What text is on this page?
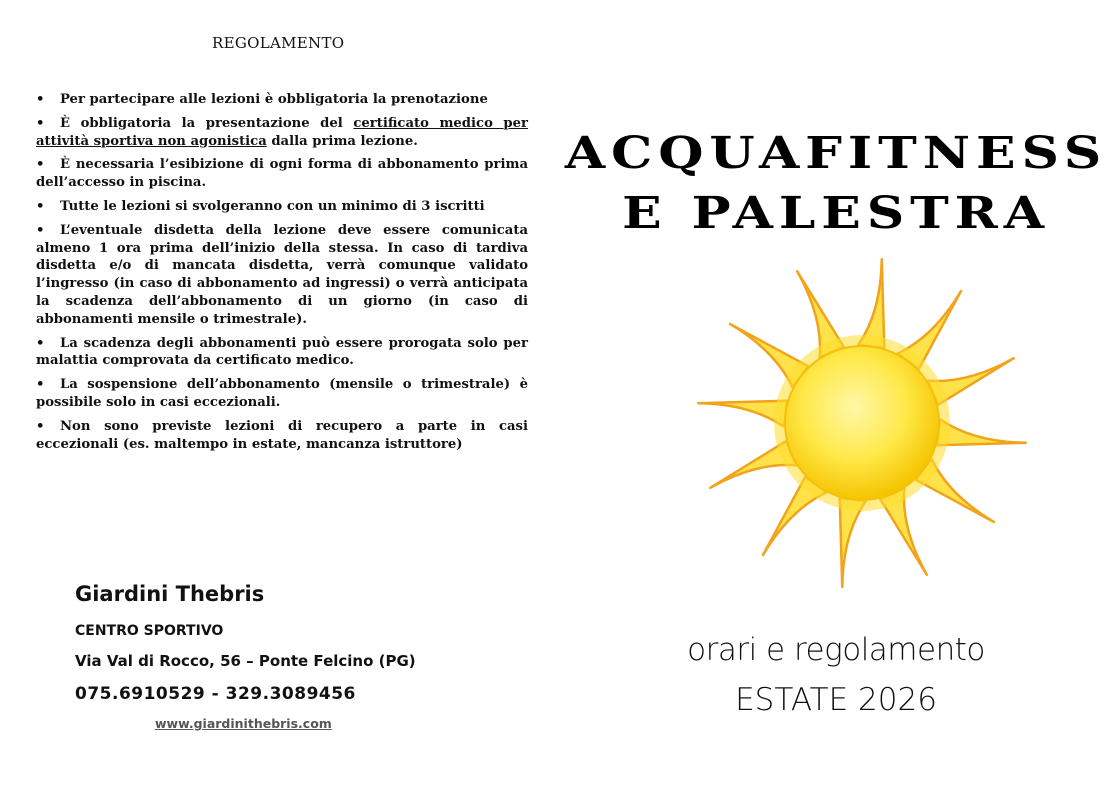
REGOLAMENTO
• Per partecipare alle lezioni è obbligatoria la prenotazione
• È obbligatoria la presentazione del certificato medico per attività sportiva non agonistica dalla prima lezione.
• È necessaria l’esibizione di ogni forma di abbonamento prima dell’accesso in piscina.
• Tutte le lezioni si svolgeranno con un minimo di 3 iscritti
• L’eventuale disdetta della lezione deve essere comunicata almeno 1 ora prima dell’inizio della stessa. In caso di tardiva disdetta e/o di mancata disdetta, verrà comunque validato l’ingresso (in caso di abbonamento ad ingressi) o verrà anticipata la scadenza dell’abbonamento di un giorno (in caso di abbonamenti mensile o trimestrale).
• La scadenza degli abbonamenti può essere prorogata solo per malattia comprovata da certificato medico.
• La sospensione dell’abbonamento (mensile o trimestrale) è possibile solo in casi eccezionali.
• Non sono previste lezioni di recupero a parte in casi eccezionali (es. maltempo in estate, mancanza istruttore)
Giardini Thebris
CENTRO SPORTIVO
Via Val di Rocco, 56 – Ponte Felcino (PG)
075.6910529 - 329.3089456
www.giardinithebris.com
ACQUAFITNESS
E PALESTRA
orari e regolamento
ESTATE 2026
